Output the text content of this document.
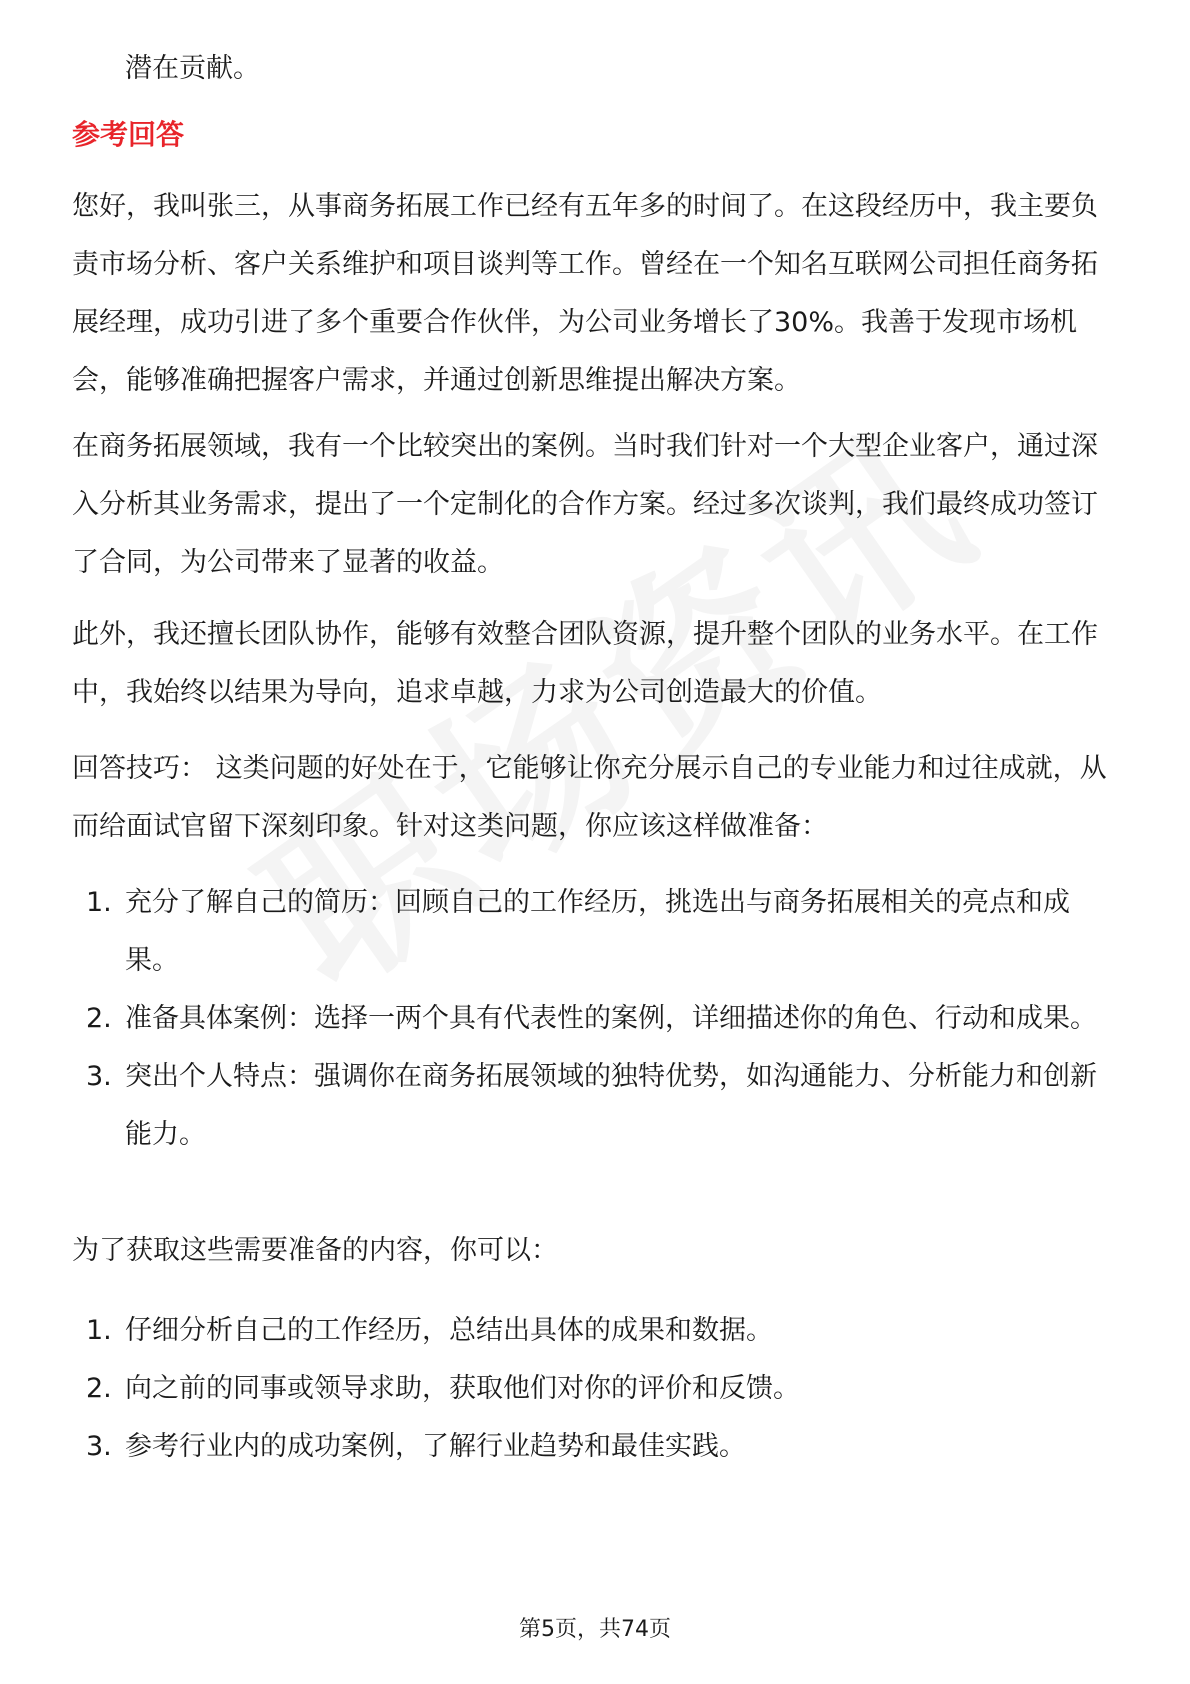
潜在贡献。

参考回答

您好，我叫张三，从事商务拓展工作已经有五年多的时间了。在这段经历中，我主要负责市场分析、客户关系维护和项目谈判等工作。曾经在一个知名互联网公司担任商务拓展经理，成功引进了多个重要合作伙伴，为公司业务增长了30%。我善于发现市场机会，能够准确把握客户需求，并通过创新思维提出解决方案。

在商务拓展领域，我有一个比较突出的案例。当时我们针对一个大型企业客户，通过深入分析其业务需求，提出了一个定制化的合作方案。经过多次谈判，我们最终成功签订了合同，为公司带来了显著的收益。

此外，我还擅长团队协作，能够有效整合团队资源，提升整个团队的业务水平。在工作中，我始终以结果为导向，追求卓越，力求为公司创造最大的价值。

回答技巧： 这类问题的好处在于，它能够让你充分展示自己的专业能力和过往成就，从而给面试官留下深刻印象。针对这类问题，你应该这样做准备：

1. 充分了解自己的简历：回顾自己的工作经历，挑选出与商务拓展相关的亮点和成果。
2. 准备具体案例：选择一两个具有代表性的案例，详细描述你的角色、行动和成果。
3. 突出个人特点：强调你在商务拓展领域的独特优势，如沟通能力、分析能力和创新能力。

为了获取这些需要准备的内容，你可以：

1. 仔细分析自己的工作经历，总结出具体的成果和数据。
2. 向之前的同事或领导求助，获取他们对你的评价和反馈。
3. 参考行业内的成功案例，了解行业趋势和最佳实践。
第5页，共74页
